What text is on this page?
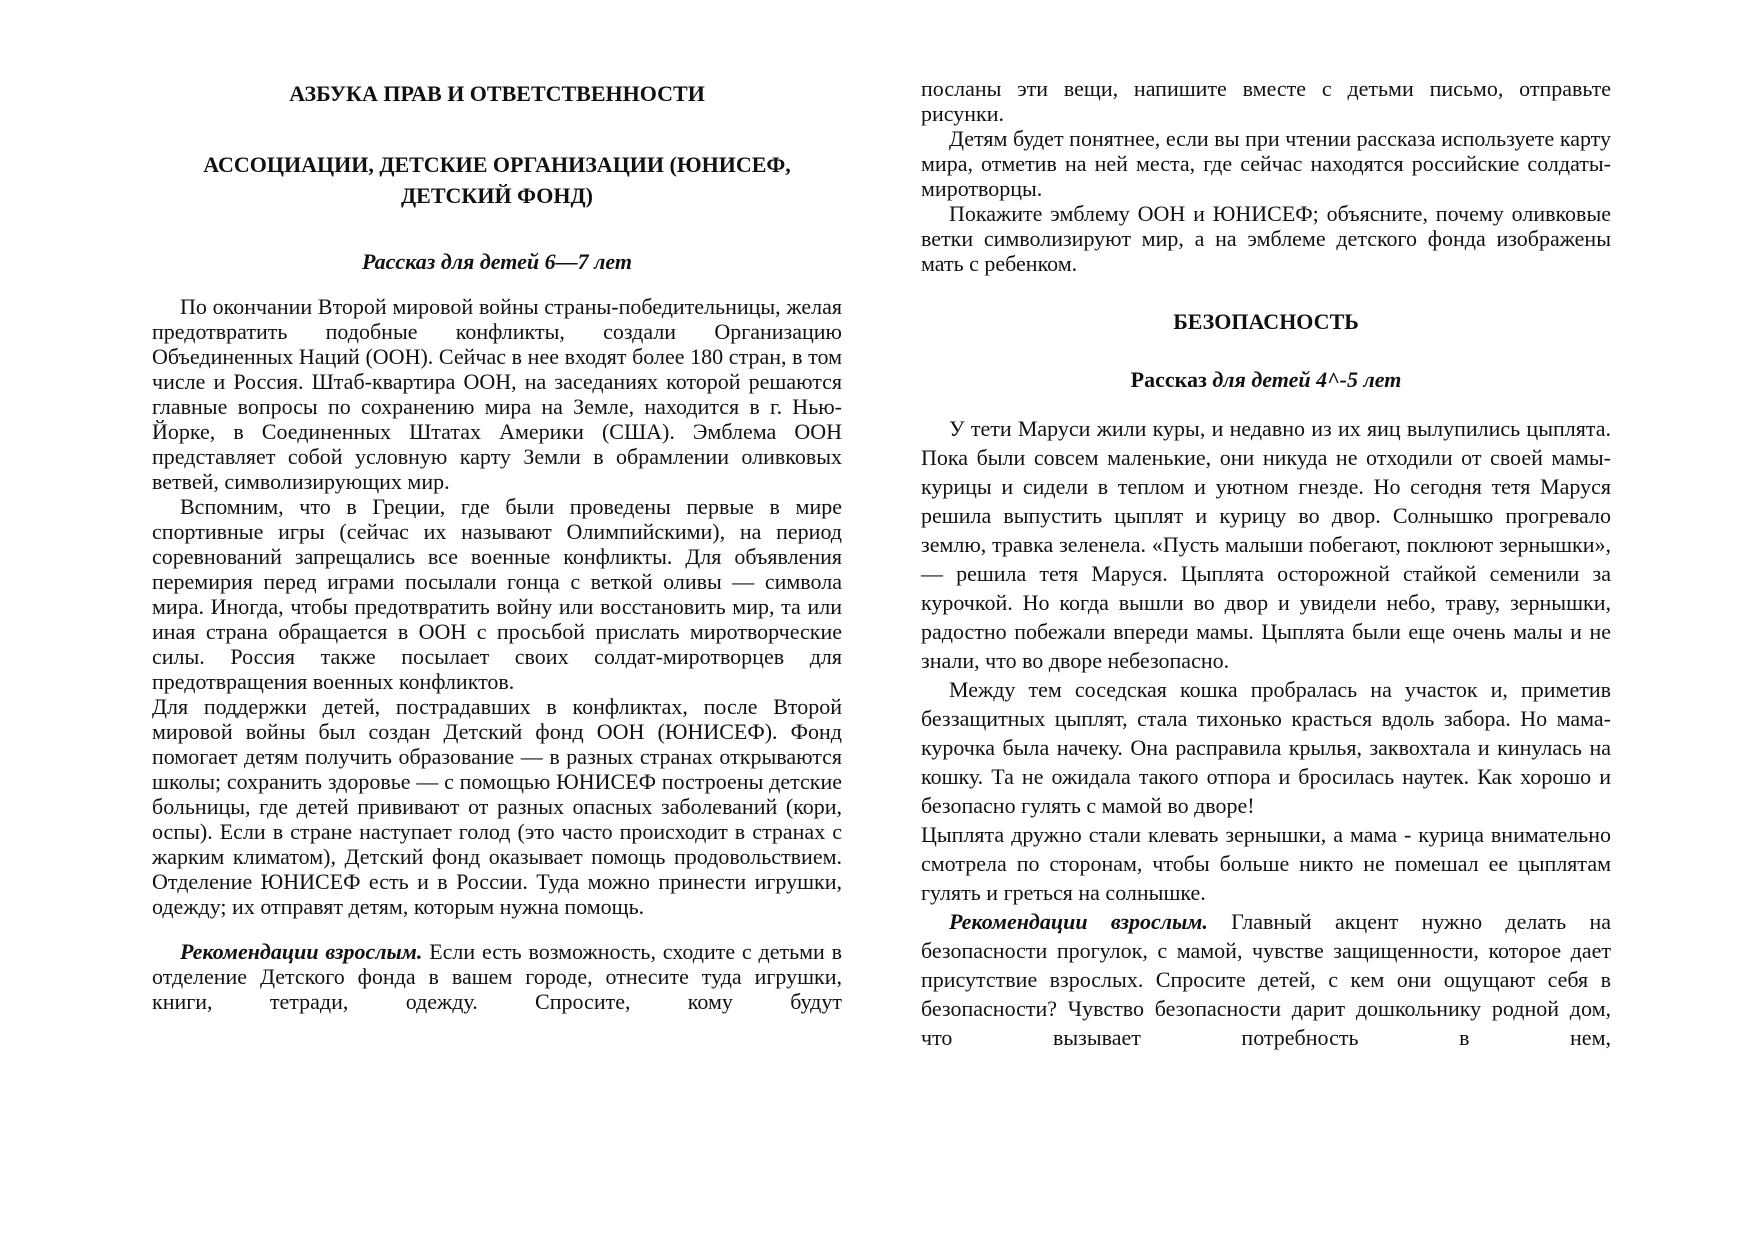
АЗБУКА ПРАВ И ОТВЕТСТВЕННОСТИ
АССОЦИАЦИИ, ДЕТСКИЕ ОРГАНИЗАЦИИ (ЮНИСЕФ, ДЕТСКИЙ ФОНД)

Рассказ для детей 6—7 лет

По окончании Второй мировой войны страны-победительницы, желая предотвратить подобные конфликты, создали Организацию Объединенных Наций (ООН). Сейчас в нее входят более 180 стран, в том числе и Россия. Штаб-квартира ООН, на заседаниях которой решаются главные вопросы по сохранению мира на Земле, находится в г. Нью-Йорке, в Соединенных Штатах Америки (США). Эмблема ООН представляет собой условную карту Земли в обрамлении оливковых ветвей, символизирующих мир.

Вспомним, что в Греции, где были проведены первые в мире спортивные игры (сейчас их называют Олимпийскими), на период соревнований запрещались все военные конфликты. Для объявления перемирия перед играми посылали гонца с веткой оливы — символа мира. Иногда, чтобы предотвратить войну или восстановить мир, та или иная страна обращается в ООН с просьбой прислать миротворческие силы. Россия также посылает своих солдат-миротворцев для предотвращения военных конфликтов.

Для поддержки детей, пострадавших в конфликтах, после Второй мировой войны был создан Детский фонд ООН (ЮНИСЕФ). Фонд помогает детям получить образование — в разных странах открываются школы; сохранить здоровье — с помощью ЮНИСЕФ построены детские больницы, где детей прививают от разных опасных заболеваний (кори, оспы). Если в стране наступает голод (это часто происходит в странах с жарким климатом), Детский фонд оказывает помощь продовольствием. Отделение ЮНИСЕФ есть и в России. Туда можно принести игрушки, одежду; их отправят детям, которым нужна помощь.

Рекомендации взрослым. Если есть возможность, сходите с детьми в отделение Детского фонда в вашем городе, отнесите туда игрушки, книги, тетради, одежду. Спросите, кому будут

посланы эти вещи, напишите вместе с детьми письмо, отправьте рисунки.

Детям будет понятнее, если вы при чтении рассказа используете карту мира, отметив на ней места, где сейчас находятся российские солдаты-миротворцы.

Покажите эмблему ООН и ЮНИСЕФ; объясните, почему оливковые ветки символизируют мир, а на эмблеме детского фонда изображены мать с ребенком.

БЕЗОПАСНОСТЬ

Рассказ для детей 4^-5 лет

У тети Маруси жили куры, и недавно из их яиц вылупились цыплята. Пока были совсем маленькие, они никуда не отходили от своей мамы-курицы и сидели в теплом и уютном гнезде. Но сегодня тетя Маруся решила выпустить цыплят и курицу во двор. Солнышко прогревало землю, травка зеленела. «Пусть малыши побегают, поклюют зернышки», — решила тетя Маруся. Цыплята осторожной стайкой семенили за курочкой. Но когда вышли во двор и увидели небо, траву, зернышки, радостно побежали впереди мамы. Цыплята были еще очень малы и не знали, что во дворе небезопасно.

Между тем соседская кошка пробралась на участок и, приметив беззащитных цыплят, стала тихонько красться вдоль забора. Но мама-курочка была начеку. Она расправила крылья, заквохтала и кинулась на кошку. Та не ожидала такого отпора и бросилась наутек. Как хорошо и безопасно гулять с мамой во дворе!

Цыплята дружно стали клевать зернышки, а мама - курица внимательно смотрела по сторонам, чтобы больше никто не помешал ее цыплятам гулять и греться на солнышке.

Рекомендации взрослым. Главный акцент нужно делать на безопасности прогулок, с мамой, чувстве защищенности, которое дает присутствие взрослых. Спросите детей, с кем они ощущают себя в безопасности? Чувство безопасности дарит дошкольнику родной дом, что вызывает потребность в нем,
